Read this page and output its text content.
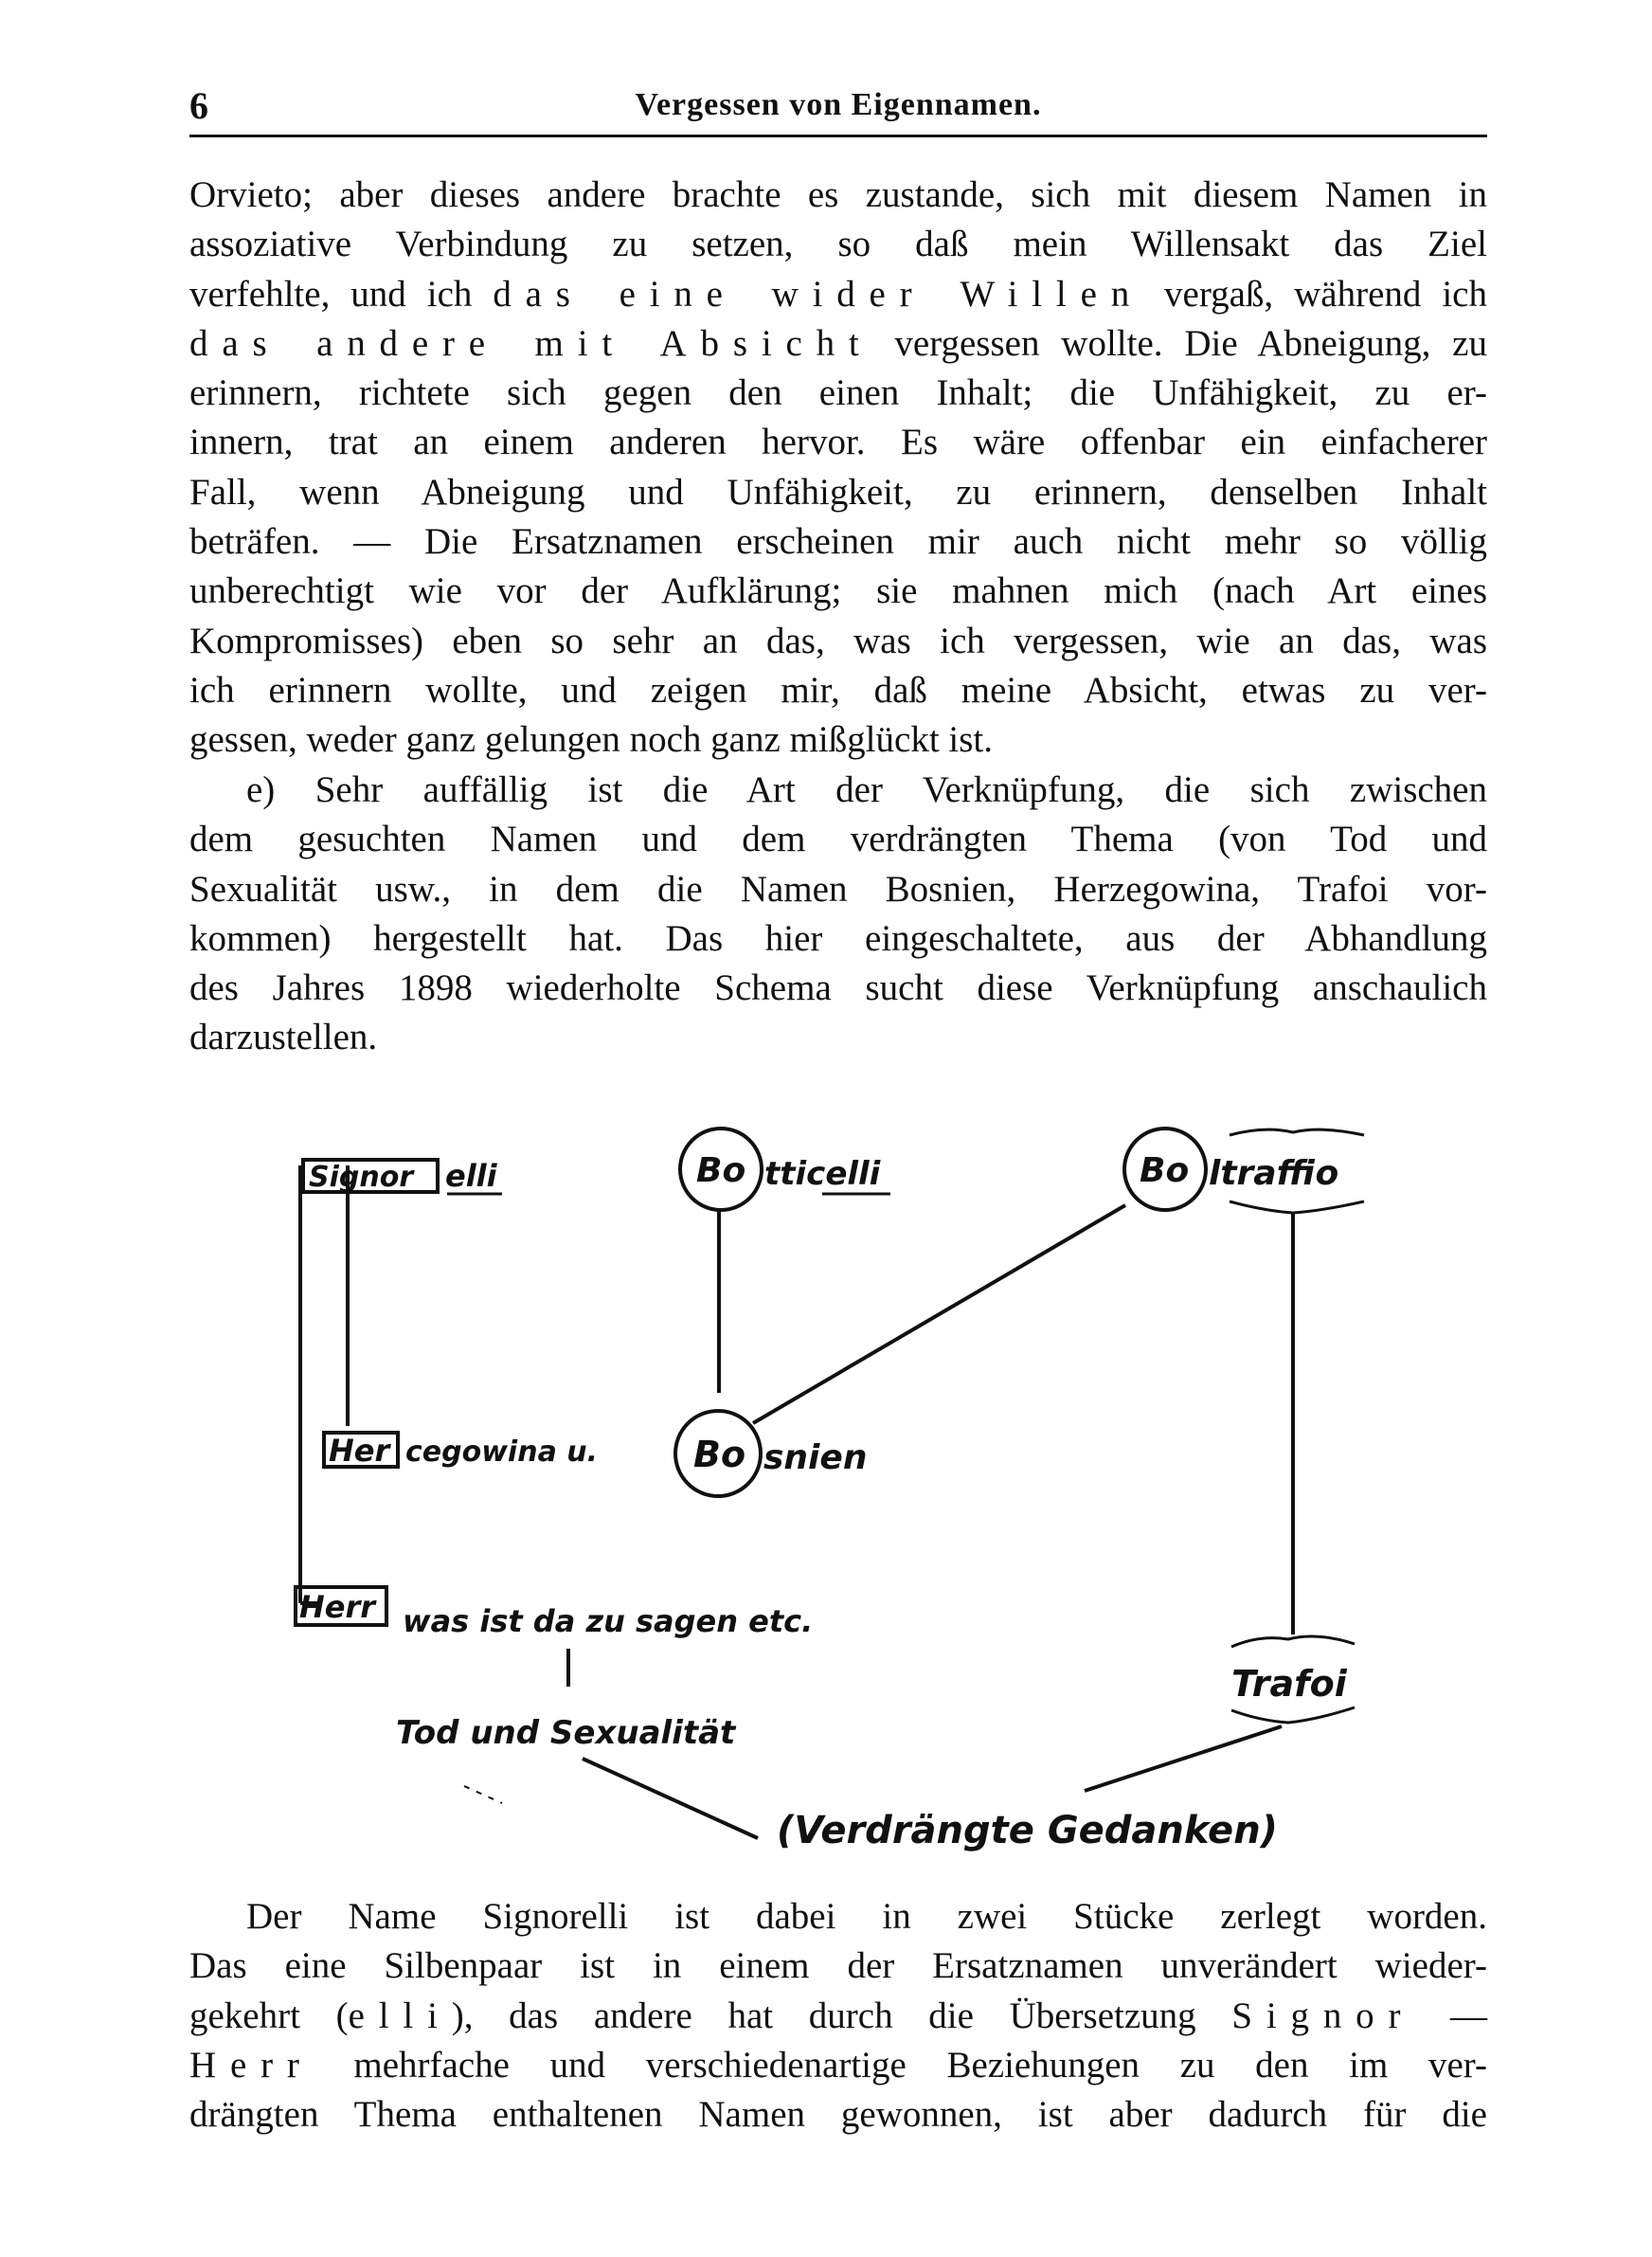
6	Vergessen von Eigennamen.
Orvieto; aber dieses andere brachte es zustande, sich mit diesem Namen in
assoziative Verbindung zu setzen, so daß mein Willensakt das Ziel
verfehlte, und ich das eine wider Willen vergaß, während ich
das andere mit Absicht vergessen wollte. Die Abneigung, zu
erinnern, richtete sich gegen den einen Inhalt; die Unfähigkeit, zu er-
innern, trat an einem anderen hervor. Es wäre offenbar ein einfacherer
Fall, wenn Abneigung und Unfähigkeit, zu erinnern, denselben Inhalt
beträfen. — Die Ersatznamen erscheinen mir auch nicht mehr so völlig
unberechtigt wie vor der Aufklärung; sie mahnen mich (nach Art eines
Kompromisses) eben so sehr an das, was ich vergessen, wie an das, was
ich erinnern wollte, und zeigen mir, daß meine Absicht, etwas zu ver-
gessen, weder ganz gelungen noch ganz mißglückt ist.
e) Sehr auffällig ist die Art der Verknüpfung, die sich zwischen
dem gesuchten Namen und dem verdrängten Thema (von Tod und
Sexualität usw., in dem die Namen Bosnien, Herzegowina, Trafoi vor-
kommen) hergestellt hat. Das hier eingeschaltete, aus der Abhandlung
des Jahres 1898 wiederholte Schema sucht diese Verknüpfung anschaulich
darzustellen.
Signor elli	Bo tticelli	Bo ltraffio
Her cegowina u.	Bo snien
Herr was ist da zu sagen etc.
Tod und Sexualität
Trafoi
(Verdrängte Gedanken)
Der Name Signorelli ist dabei in zwei Stücke zerlegt worden.
Das eine Silbenpaar ist in einem der Ersatznamen unverändert wieder-
gekehrt (elli), das andere hat durch die Übersetzung Signor —
Herr mehrfache und verschiedenartige Beziehungen zu den im ver-
drängten Thema enthaltenen Namen gewonnen, ist aber dadurch für die
